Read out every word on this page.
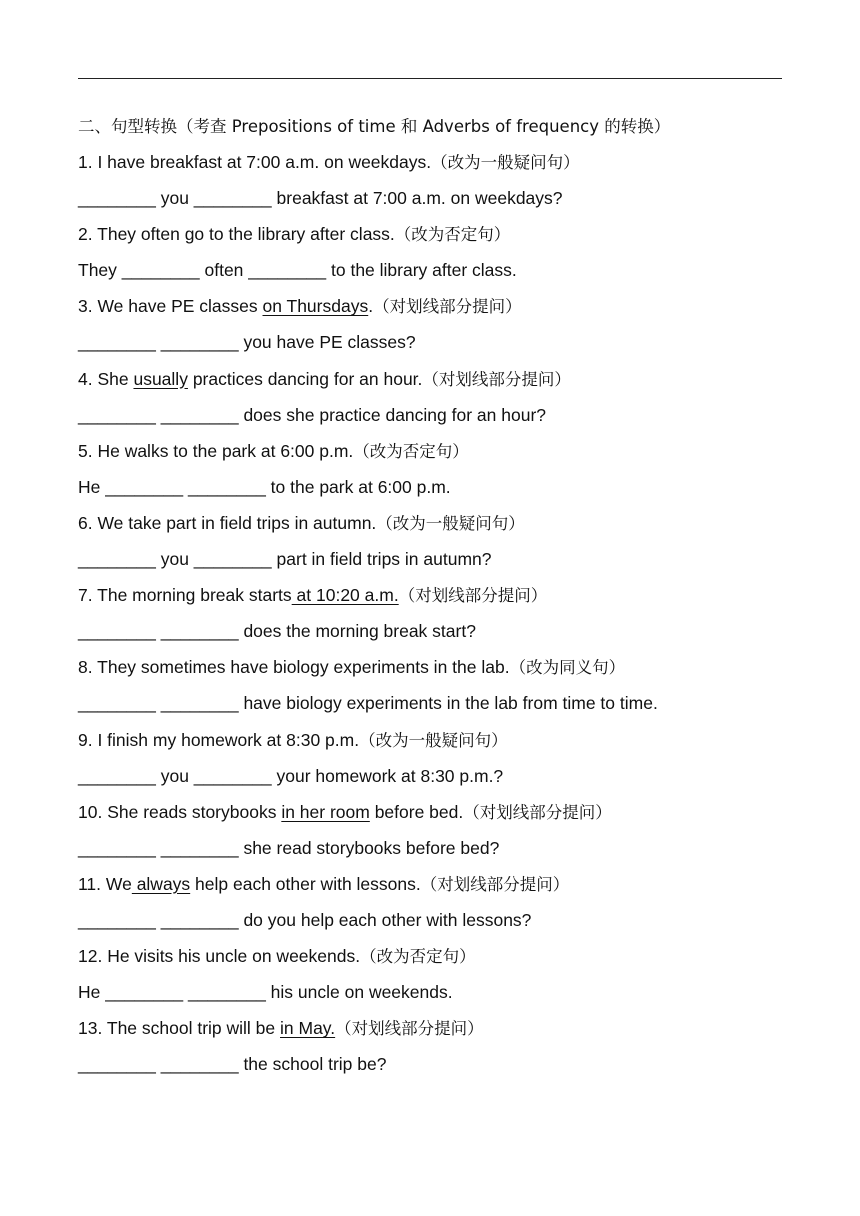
二、句型转换（考查 Prepositions of time 和 Adverbs of frequency 的转换）
1. I have breakfast at 7:00 a.m. on weekdays.（改为一般疑问句）
________ you ________ breakfast at 7:00 a.m. on weekdays?
2. They often go to the library after class.（改为否定句）
They ________ often ________ to the library after class.
3. We have PE classes on Thursdays.（对划线部分提问）
________ ________ you have PE classes?
4. She usually practices dancing for an hour.（对划线部分提问）
________ ________ does she practice dancing for an hour?
5. He walks to the park at 6:00 p.m.（改为否定句）
He ________ ________ to the park at 6:00 p.m.
6. We take part in field trips in autumn.（改为一般疑问句）
________ you ________ part in field trips in autumn?
7. The morning break starts at 10:20 a.m.（对划线部分提问）
________ ________ does the morning break start?
8. They sometimes have biology experiments in the lab.（改为同义句）
________ ________ have biology experiments in the lab from time to time.
9. I finish my homework at 8:30 p.m.（改为一般疑问句）
________ you ________ your homework at 8:30 p.m.?
10. She reads storybooks in her room before bed.（对划线部分提问）
________ ________ she read storybooks before bed?
11. We always help each other with lessons.（对划线部分提问）
________ ________ do you help each other with lessons?
12. He visits his uncle on weekends.（改为否定句）
He ________ ________ his uncle on weekends.
13. The school trip will be in May.（对划线部分提问）
________ ________ the school trip be?
